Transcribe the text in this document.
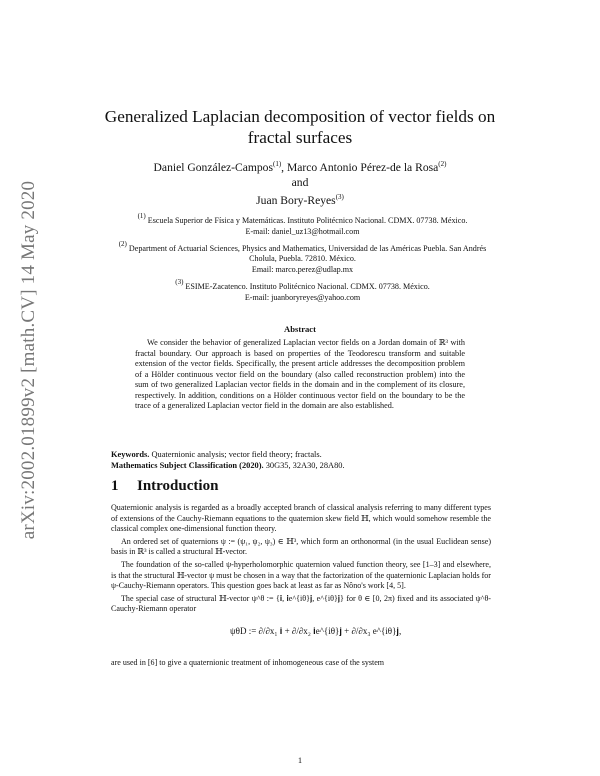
arXiv:2002.01899v2 [math.CV] 14 May 2020
Generalized Laplacian decomposition of vector fields on
fractal surfaces
Daniel González-Campos$^{(1)}$, Marco Antonio Pérez-de la Rosa$^{(2)}$
and
Juan Bory-Reyes$^{(3)}$
$^{(1)}$ Escuela Superior de Física y Matemáticas. Instituto Politécnico Nacional. CDMX. 07738. México.
E-mail: daniel_uz13@hotmail.com
$^{(2)}$ Department of Actuarial Sciences, Physics and Mathematics, Universidad de las Américas Puebla. San Andrés Cholula, Puebla. 72810. México.
Email: marco.perez@udlap.mx
$^{(3)}$ ESIME-Zacatenco. Instituto Politécnico Nacional. CDMX. 07738. México.
E-mail: juanboryreyes@yahoo.com
Abstract
We consider the behavior of generalized Laplacian vector fields on a Jordan domain of ℝ³ with fractal boundary. Our approach is based on properties of the Teodorescu transform and suitable extension of the vector fields. Specifically, the present article addresses the decomposition problem of a Hölder continuous vector field on the boundary (also called reconstruction problem) into the sum of two generalized Laplacian vector fields in the domain and in the complement of its closure, respectively. In addition, conditions on a Hölder continuous vector field on the boundary to be the trace of a generalized Laplacian vector field in the domain are also established.
Keywords. Quaternionic analysis; vector field theory; fractals.
Mathematics Subject Classification (2020). 30G35, 32A30, 28A80.
1 Introduction

Quaternionic analysis is regarded as a broadly accepted branch of classical analysis referring to many different types of extensions of the Cauchy-Riemann equations to the quaternion skew field ℍ, which would somehow resemble the classical complex one-dimensional function theory.

An ordered set of quaternions ψ := (ψ₁, ψ₂, ψ₃) ∈ ℍ³, which form an orthonormal (in the usual Euclidean sense) basis in ℝ³ is called a structural ℍ-vector.

The foundation of the so-called ψ-hyperholomorphic quaternion valued function theory, see [1–3] and elsewhere, is that the structural ℍ-vector ψ must be chosen in a way that the factorization of the quaternionic Laplacian holds for ψ-Cauchy-Riemann operators. This question goes back at least as far as Nôno's work [4, 5].

The special case of structural ℍ-vector ψ^θ := {𝐢, 𝐢e^{iθ}𝐣, e^{iθ}𝐣} for θ ∈ [0, 2π) fixed and its associated ψ^θ-Cauchy-Riemann operator

ψθD := ∂/∂x₁ 𝐢 + ∂/∂x₂ 𝐢e^{iθ}𝐣 + ∂/∂x₃ e^{iθ}𝐣,
are used in [6] to give a quaternionic treatment of inhomogeneous case of the system
1
